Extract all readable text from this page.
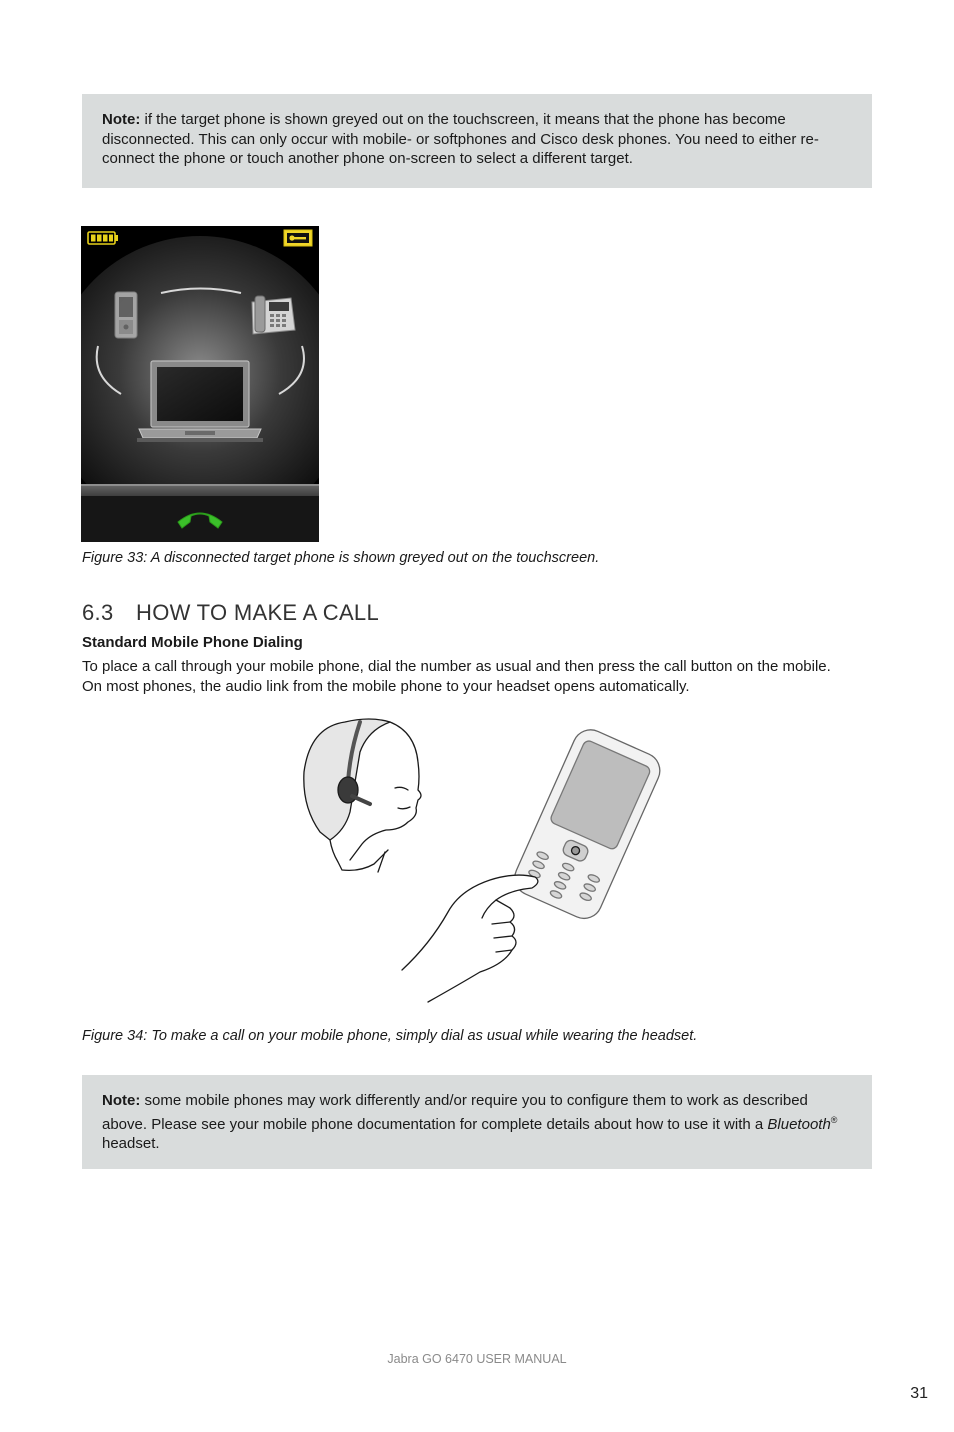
Note: if the target phone is shown greyed out on the touchscreen, it means that the phone has become disconnected. This can only occur with mobile- or softphones and Cisco desk phones. You need to either re-connect the phone or touch another phone on-screen to select a different target.
Figure 33: A disconnected target phone is shown greyed out on the touchscreen.
6.3 HOW TO MAKE A CALL
Standard Mobile Phone Dialing
To place a call through your mobile phone, dial the number as usual and then press the call button on the mobile. On most phones, the audio link from the mobile phone to your headset opens automatically.
Figure 34: To make a call on your mobile phone, simply dial as usual while wearing the headset.
Note: some mobile phones may work differently and/or require you to configure them to work as described above. Please see your mobile phone documentation for complete details about how to use it with a Bluetooth® headset.
Jabra GO 6470 USER MANUAL
31
